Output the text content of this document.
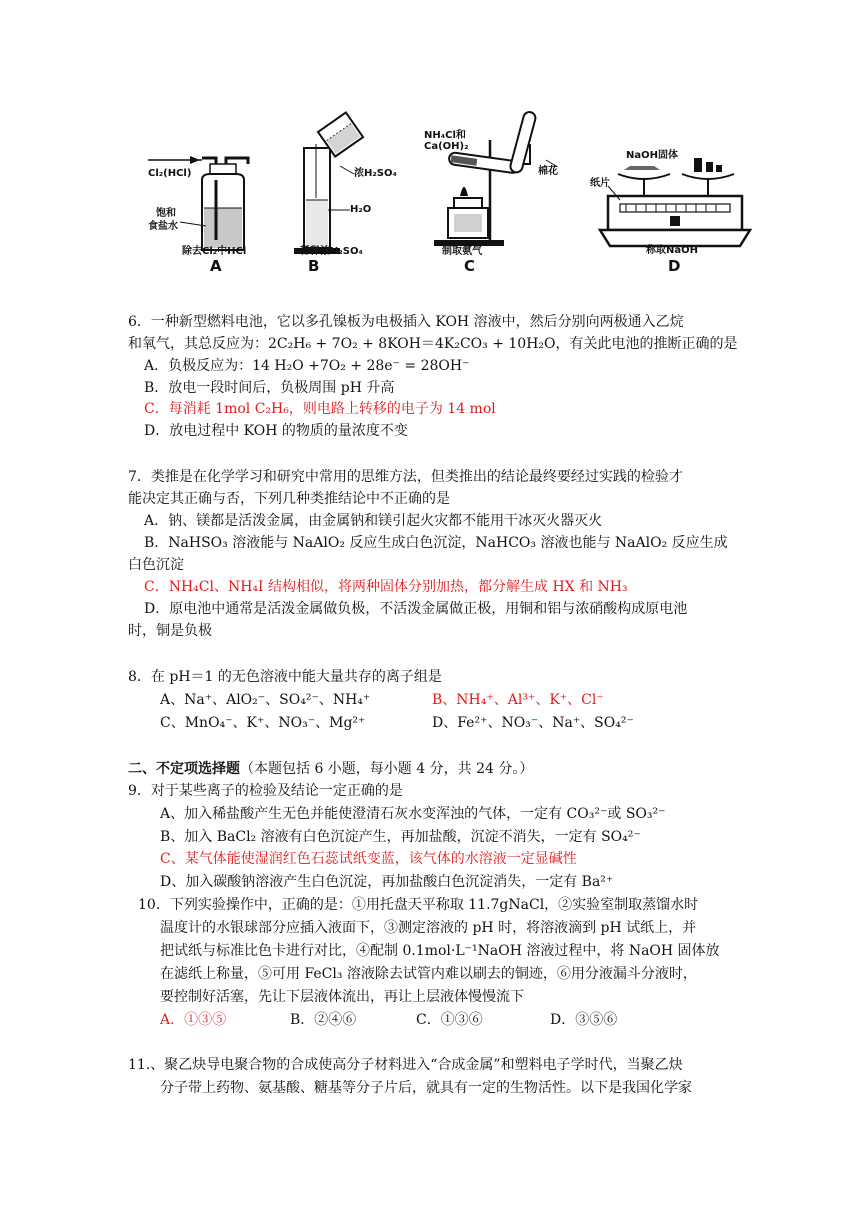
Cl₂(HCl)
饱和
食盐水
除去Cl₂中HCl
A
浓H₂SO₄
H₂O
稀释浓H₂SO₄
B
NH₄Cl和
Ca(OH)₂
棉花
制取氨气
C
NaOH固体
纸片
称取NaOH
D
6．一种新型燃料电池，它以多孔镍板为电极插入 KOH 溶液中，然后分别向两极通入乙烷
和氧气，其总反应为：2C₂H₆ + 7O₂ + 8KOH＝4K₂CO₃ + 10H₂O，有关此电池的推断正确的是
A．负极反应为：14 H₂O +7O₂ + 28e⁻ = 28OH⁻
B．放电一段时间后，负极周围 pH 升高
C．每消耗 1mol C₂H₆，则电路上转移的电子为 14 mol
D．放电过程中 KOH 的物质的量浓度不变
7．类推是在化学学习和研究中常用的思维方法，但类推出的结论最终要经过实践的检验才
能决定其正确与否，下列几种类推结论中不正确的是
A．钠、镁都是活泼金属，由金属钠和镁引起火灾都不能用干冰灭火器灭火
B．NaHSO₃ 溶液能与 NaAlO₂ 反应生成白色沉淀，NaHCO₃ 溶液也能与 NaAlO₂ 反应生成
白色沉淀
C．NH₄Cl、NH₄I 结构相似，将两种固体分别加热，都分解生成 HX 和 NH₃
D．原电池中通常是活泼金属做负极，不活泼金属做正极，用铜和铝与浓硝酸构成原电池
时，铜是负极
8．在 pH＝1 的无色溶液中能大量共存的离子组是
A、Na⁺、AlO₂⁻、SO₄²⁻、NH₄⁺	B、NH₄⁺、Al³⁺、K⁺、Cl⁻
C、MnO₄⁻、K⁺、NO₃⁻、Mg²⁺	D、Fe²⁺、NO₃⁻、Na⁺、SO₄²⁻
二、不定项选择题（本题包括 6 小题，每小题 4 分，共 24 分。）
9．对于某些离子的检验及结论一定正确的是
A、加入稀盐酸产生无色并能使澄清石灰水变浑浊的气体，一定有 CO₃²⁻或 SO₃²⁻
B、加入 BaCl₂ 溶液有白色沉淀产生，再加盐酸，沉淀不消失，一定有 SO₄²⁻
C、某气体能使湿润红色石蕊试纸变蓝，该气体的水溶液一定显碱性
D、加入碳酸钠溶液产生白色沉淀，再加盐酸白色沉淀消失，一定有 Ba²⁺
10．下列实验操作中，正确的是：①用托盘天平称取 11.7gNaCl，②实验室制取蒸馏水时
温度计的水银球部分应插入液面下，③测定溶液的 pH 时，将溶液滴到 pH 试纸上，并
把试纸与标准比色卡进行对比，④配制 0.1mol·L⁻¹NaOH 溶液过程中，将 NaOH 固体放
在滤纸上称量，⑤可用 FeCl₃ 溶液除去试管内难以刷去的铜迹，⑥用分液漏斗分液时，
要控制好活塞，先让下层液体流出，再让上层液体慢慢流下
A．①③⑤	B．②④⑥	C．①③⑥	D．③⑤⑥
11.、聚乙炔导电聚合物的合成使高分子材料进入“合成金属”和塑料电子学时代，当聚乙炔
分子带上药物、氨基酸、糖基等分子片后，就具有一定的生物活性。以下是我国化学家
